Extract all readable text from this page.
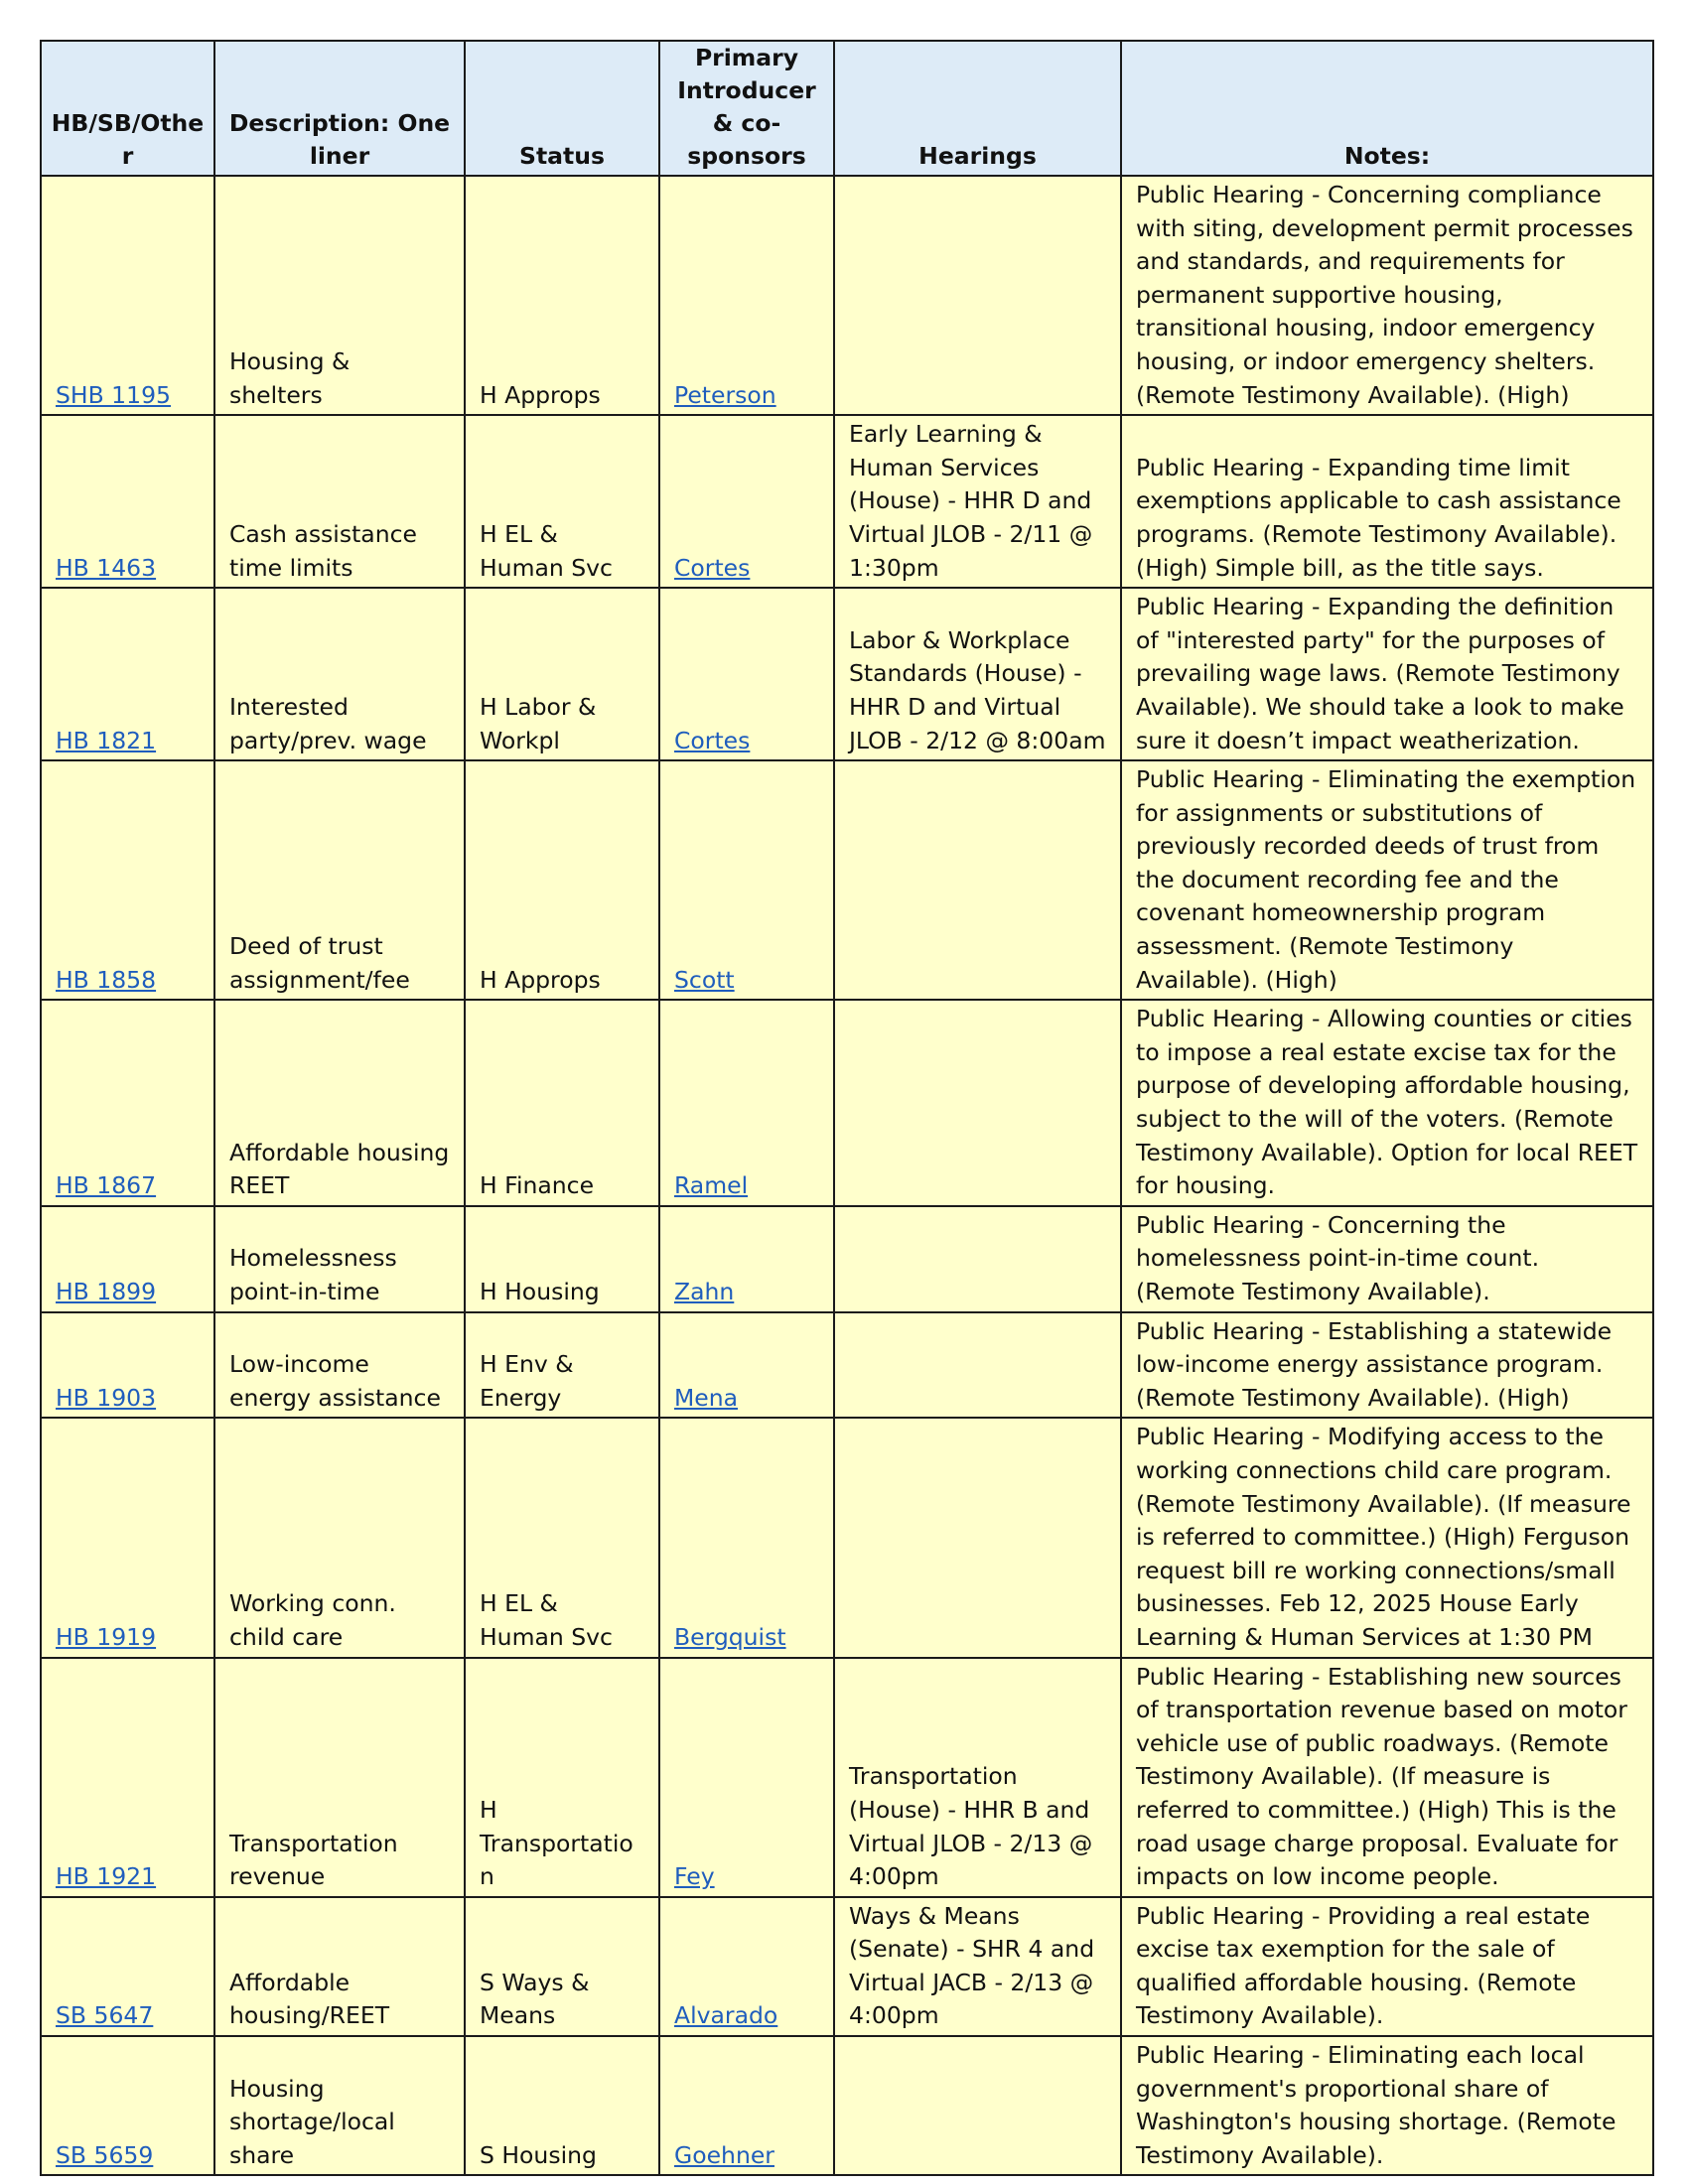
HB/SB/Other	Description: One liner	Status	Primary Introducer & co-sponsors	Hearings	Notes:
SHB 1195	Housing & shelters	H Approps	Peterson		Public Hearing - Concerning compliance with siting, development permit processes and standards, and requirements for permanent supportive housing, transitional housing, indoor emergency housing, or indoor emergency shelters. (Remote Testimony Available). (High)
HB 1463	Cash assistance time limits	H EL & Human Svc	Cortes	Early Learning & Human Services (House) - HHR D and Virtual JLOB - 2/11 @ 1:30pm	Public Hearing - Expanding time limit exemptions applicable to cash assistance programs. (Remote Testimony Available). (High) Simple bill, as the title says.
HB 1821	Interested party/prev. wage	H Labor & Workpl	Cortes	Labor & Workplace Standards (House) - HHR D and Virtual JLOB - 2/12 @ 8:00am	Public Hearing - Expanding the definition of "interested party" for the purposes of prevailing wage laws. (Remote Testimony Available). We should take a look to make sure it doesn’t impact weatherization.
HB 1858	Deed of trust assignment/fee	H Approps	Scott		Public Hearing - Eliminating the exemption for assignments or substitutions of previously recorded deeds of trust from the document recording fee and the covenant homeownership program assessment. (Remote Testimony Available). (High)
HB 1867	Affordable housing REET	H Finance	Ramel		Public Hearing - Allowing counties or cities to impose a real estate excise tax for the purpose of developing affordable housing, subject to the will of the voters. (Remote Testimony Available). Option for local REET for housing.
HB 1899	Homelessness point-in-time	H Housing	Zahn		Public Hearing - Concerning the homelessness point-in-time count. (Remote Testimony Available).
HB 1903	Low-income energy assistance	H Env & Energy	Mena		Public Hearing - Establishing a statewide low-income energy assistance program. (Remote Testimony Available). (High)
HB 1919	Working conn. child care	H EL & Human Svc	Bergquist		Public Hearing - Modifying access to the working connections child care program. (Remote Testimony Available). (If measure is referred to committee.) (High) Ferguson request bill re working connections/small businesses. Feb 12, 2025 House Early Learning & Human Services at 1:30 PM
HB 1921	Transportation revenue	H Transportation	Fey	Transportation (House) - HHR B and Virtual JLOB - 2/13 @ 4:00pm	Public Hearing - Establishing new sources of transportation revenue based on motor vehicle use of public roadways. (Remote Testimony Available). (If measure is referred to committee.) (High) This is the road usage charge proposal. Evaluate for impacts on low income people.
SB 5647	Affordable housing/REET	S Ways & Means	Alvarado	Ways & Means (Senate) - SHR 4 and Virtual JACB - 2/13 @ 4:00pm	Public Hearing - Providing a real estate excise tax exemption for the sale of qualified affordable housing. (Remote Testimony Available).
SB 5659	Housing shortage/local share	S Housing	Goehner		Public Hearing - Eliminating each local government's proportional share of Washington's housing shortage. (Remote Testimony Available).
